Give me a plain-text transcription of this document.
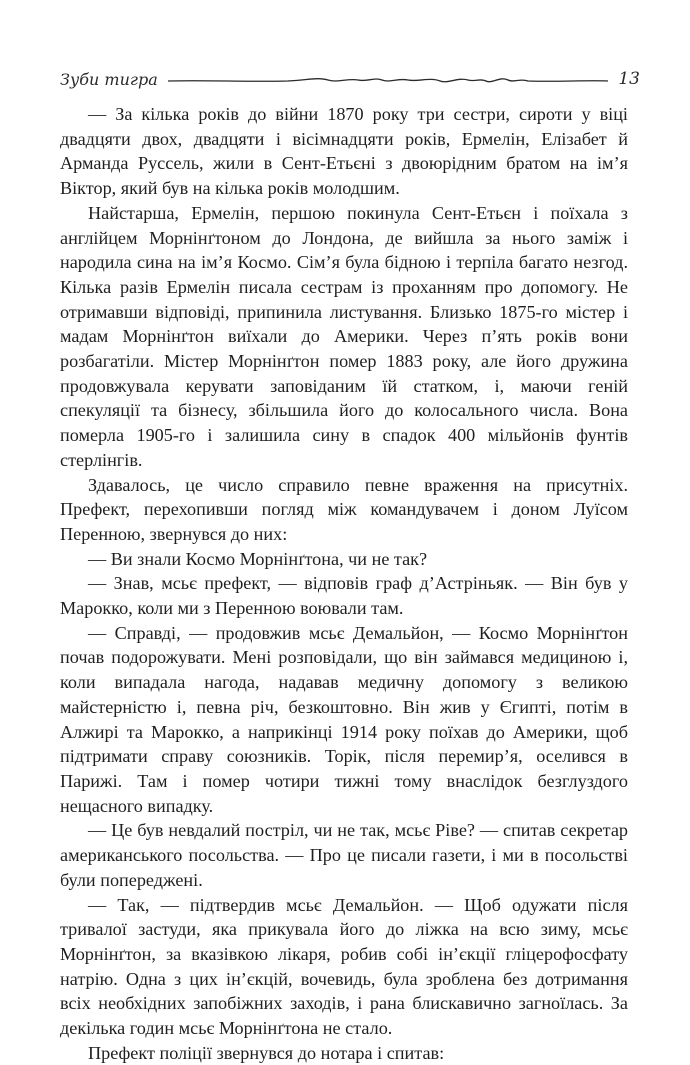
Зуби тигра	13

— За кілька років до війни 1870 року три сестри, сироти у віці двадцяти двох, двадцяти і вісімнадцяти років, Ермелін, Елізабет й Арманда Руссель, жили в Сент-Етьєні з двоюрідним братом на ім’я Віктор, який був на кілька років молодшим.

Найстарша, Ермелін, першою покинула Сент-Етьєн і поїхала з англійцем Морнінґтоном до Лондона, де вийшла за нього заміж і народила сина на ім’я Космо. Сім’я була бідною і терпіла багато незгод. Кілька разів Ермелін писала сестрам із проханням про допомогу. Не отримавши відповіді, припинила листування. Близько 1875-го містер і мадам Морнінґтон виїхали до Америки. Через п’ять років вони розбагатіли. Містер Морнінґтон помер 1883 року, але його дружина продовжувала керувати заповіданим їй статком, і, маючи геній спекуляції та бізнесу, збільшила його до колосального числа. Вона померла 1905-го і залишила сину в спадок 400 мільйонів фунтів стерлінгів.

Здавалось, це число справило певне враження на присутніх. Префект, перехопивши погляд між командувачем і доном Луїсом Перенною, звернувся до них:

— Ви знали Космо Морнінґтона, чи не так?

— Знав, мсьє префект, — відповів граф д’Астріньяк. — Він був у Марокко, коли ми з Перенною воювали там.

— Справді, — продовжив мсьє Демальйон, — Космо Морнінґтон почав подорожувати. Мені розповідали, що він займався медициною і, коли випадала нагода, надавав медичну допомогу з великою майстерністю і, певна річ, безкоштовно. Він жив у Єгипті, потім в Алжирі та Марокко, а наприкінці 1914 року поїхав до Америки, щоб підтримати справу союзників. Торік, після перемир’я, оселився в Парижі. Там і помер чотири тижні тому внаслідок безглуздого нещасного випадку.

— Це був невдалий постріл, чи не так, мсьє Ріве? — спитав секретар американського посольства. — Про це писали газети, і ми в посольстві були попереджені.

— Так, — підтвердив мсьє Демальйон. — Щоб одужати після тривалої застуди, яка прикувала його до ліжка на всю зиму, мсьє Морнінґтон, за вказівкою лікаря, робив собі ін’єкції гліцерофосфату натрію. Одна з цих ін’єкцій, вочевидь, була зроблена без дотримання всіх необхідних запобіжних заходів, і рана блискавично загноїлась. За декілька годин мсьє Морнінґтона не стало.

Префект поліції звернувся до нотара і спитав:
